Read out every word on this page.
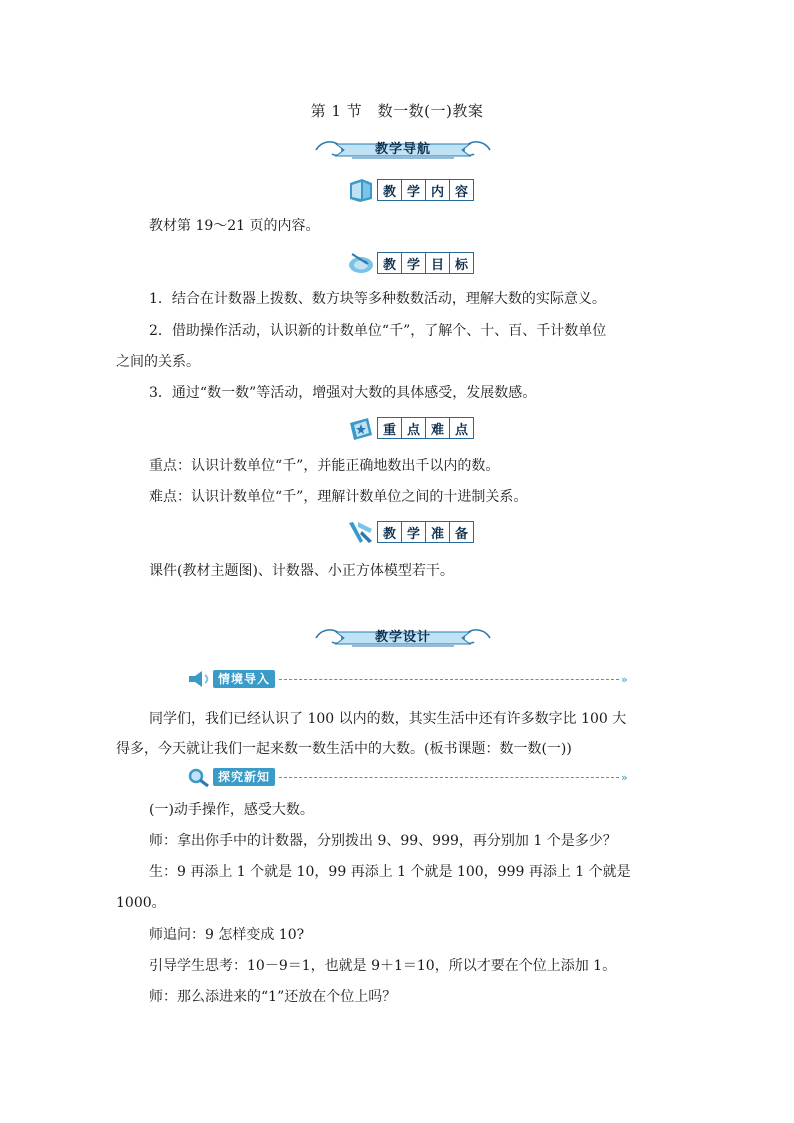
第 1 节　数一数(一)教案
教学导航
教 学 内 容
教材第 19～21 页的内容。
教 学 目 标
1．结合在计数器上拨数、数方块等多种数数活动，理解大数的实际意义。
2．借助操作活动，认识新的计数单位“千”，了解个、十、百、千计数单位
之间的关系。
3．通过“数一数”等活动，增强对大数的具体感受，发展数感。
重 点 难 点
重点：认识计数单位“千”，并能正确地数出千以内的数。
难点：认识计数单位“千”，理解计数单位之间的十进制关系。
教 学 准 备
课件(教材主题图)、计数器、小正方体模型若干。
教学设计
情境导入	»
同学们，我们已经认识了 100 以内的数，其实生活中还有许多数字比 100 大
得多，今天就让我们一起来数一数生活中的大数。(板书课题：数一数(一))
探究新知	»
(一)动手操作，感受大数。
师：拿出你手中的计数器，分别拨出 9、99、999，再分别加 1 个是多少？
生：9 再添上 1 个就是 10，99 再添上 1 个就是 100，999 再添上 1 个就是
1000。
师追问：9 怎样变成 10?
引导学生思考：10－9＝1，也就是 9＋1＝10，所以才要在个位上添加 1。
师：那么添进来的“1”还放在个位上吗？
